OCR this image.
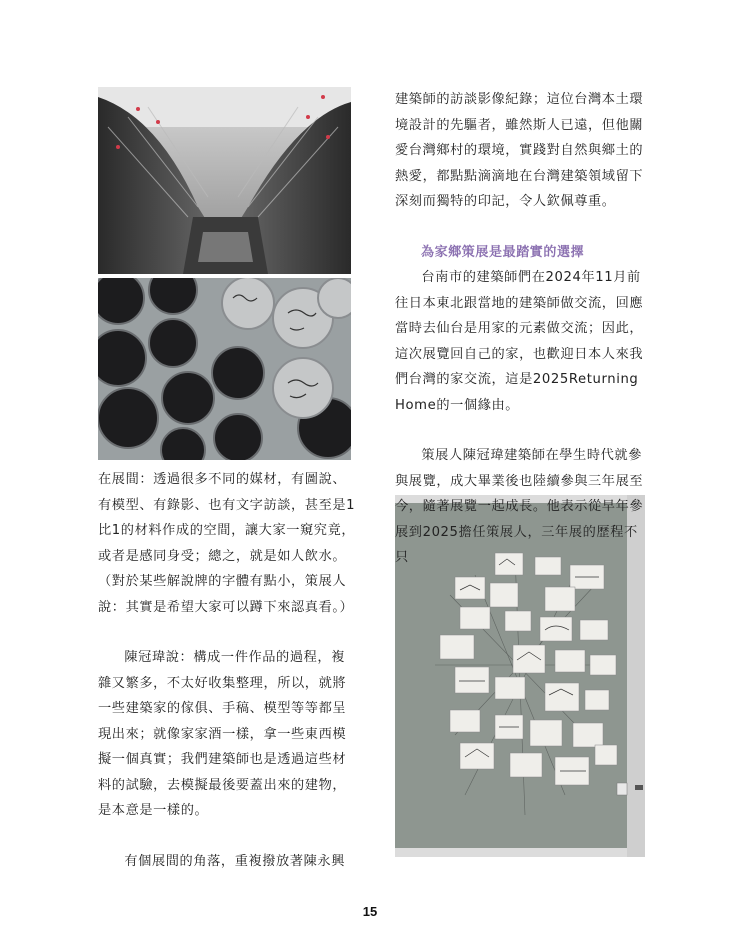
在展間：透過很多不同的媒材，有圖說、有模型、有錄影、也有文字訪談，甚至是1比1的材料作成的空間，讓大家一窺究竟，或者是感同身受；總之，就是如人飲水。（對於某些解說牌的字體有點小，策展人說：其實是希望大家可以蹲下來認真看。）

陳冠瑋說：構成一件作品的過程，複雜又繁多，不太好收集整理，所以，就將一些建築家的傢俱、手稿、模型等等都呈現出來；就像家家酒一樣，拿一些東西模擬一個真實；我們建築師也是透過這些材料的試驗，去模擬最後要蓋出來的建物，是本意是一樣的。

有個展間的角落，重複撥放著陳永興

建築師的訪談影像紀錄；這位台灣本土環境設計的先驅者，雖然斯人已遠，但他關愛台灣鄉村的環境，實踐對自然與鄉土的熱愛，都點點滴滴地在台灣建築領域留下深刻而獨特的印記，令人欽佩尊重。

為家鄉策展是最踏實的選擇

台南市的建築師們在2024年11月前往日本東北跟當地的建築師做交流，回應當時去仙台是用家的元素做交流；因此，這次展覽回自己的家，也歡迎日本人來我們台灣的家交流，這是2025Returning Home的一個緣由。

策展人陳冠瑋建築師在學生時代就參與展覽，成大畢業後也陸續參與三年展至今，隨著展覽一起成長。他表示從早年參展到2025擔任策展人，三年展的歷程不只

15
